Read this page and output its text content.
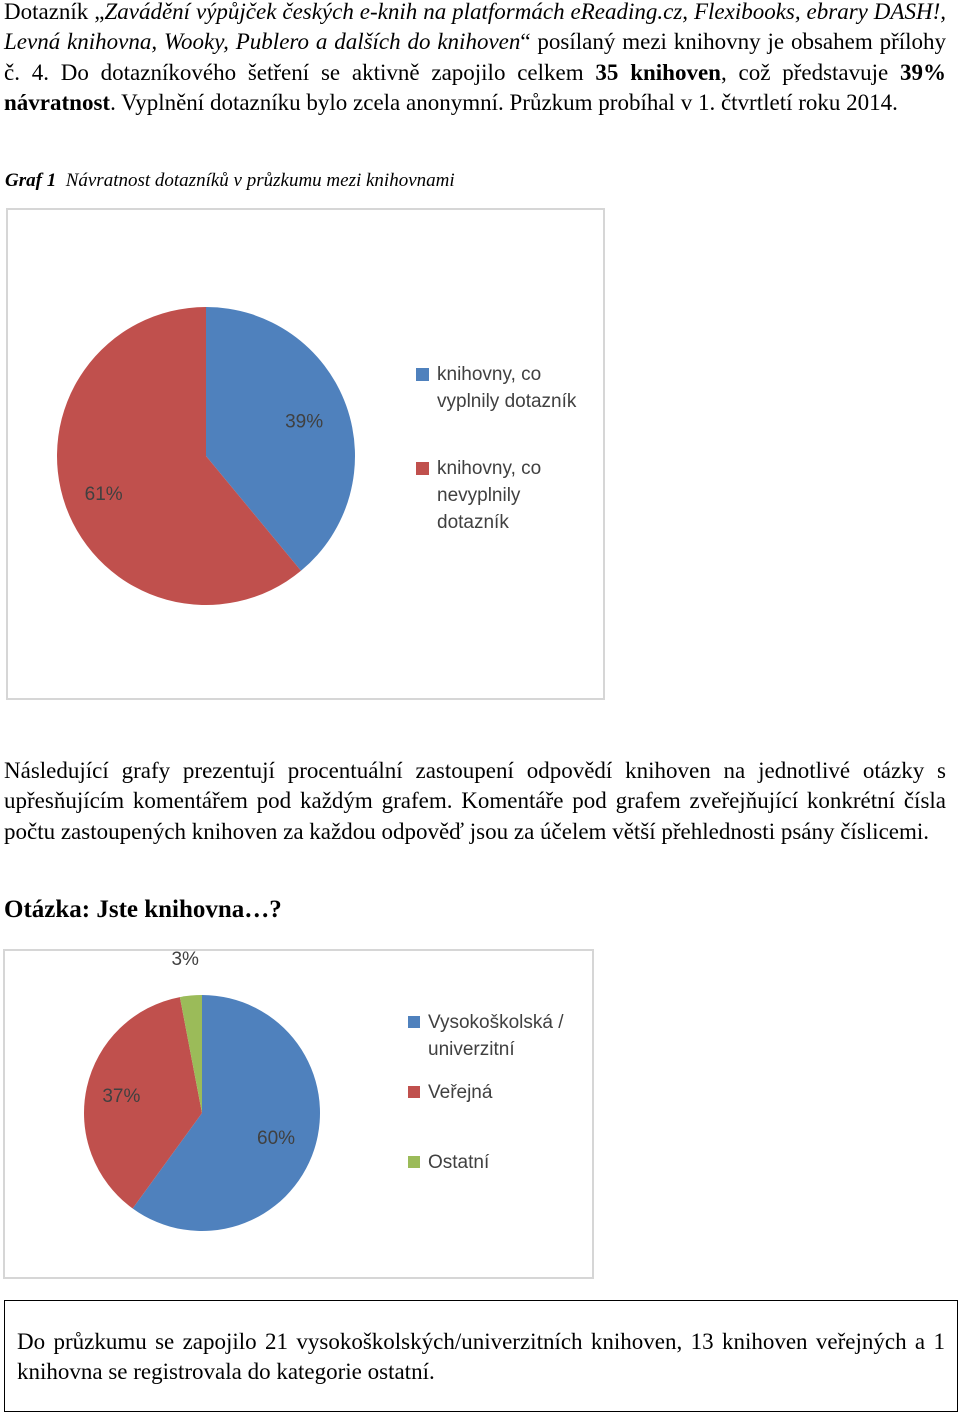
Dotazník „Zavádění výpůjček českých e-knih na platformách eReading.cz, Flexibooks, ebrary DASH!, Levná knihovna, Wooky, Publero a dalších do knihoven“ posílaný mezi knihovny je obsahem přílohy č. 4. Do dotazníkového šetření se aktivně zapojilo celkem 35 knihoven, což představuje 39% návratnost. Vyplnění dotazníku bylo zcela anonymní. Průzkum probíhal v 1. čtvrtletí roku 2014.

Graf 1 Návratnost dotazníků v průzkumu mezi knihovnami

39%
61%
knihovny, co
vyplnily dotazník
knihovny, co
nevyplnily
dotazník

Následující grafy prezentují procentuální zastoupení odpovědí knihoven na jednotlivé otázky s upřesňujícím komentářem pod každým grafem. Komentáře pod grafem zveřejňující konkrétní čísla počtu zastoupených knihoven za každou odpověď jsou za účelem větší přehlednosti psány číslicemi.

Otázka: Jste knihovna…?
60%
37%
3%
Vysokoškolská /
univerzitní
Veřejná
Ostatní

Do průzkumu se zapojilo 21 vysokoškolských/univerzitních knihoven, 13 knihoven veřejných a 1 knihovna se registrovala do kategorie ostatní.
